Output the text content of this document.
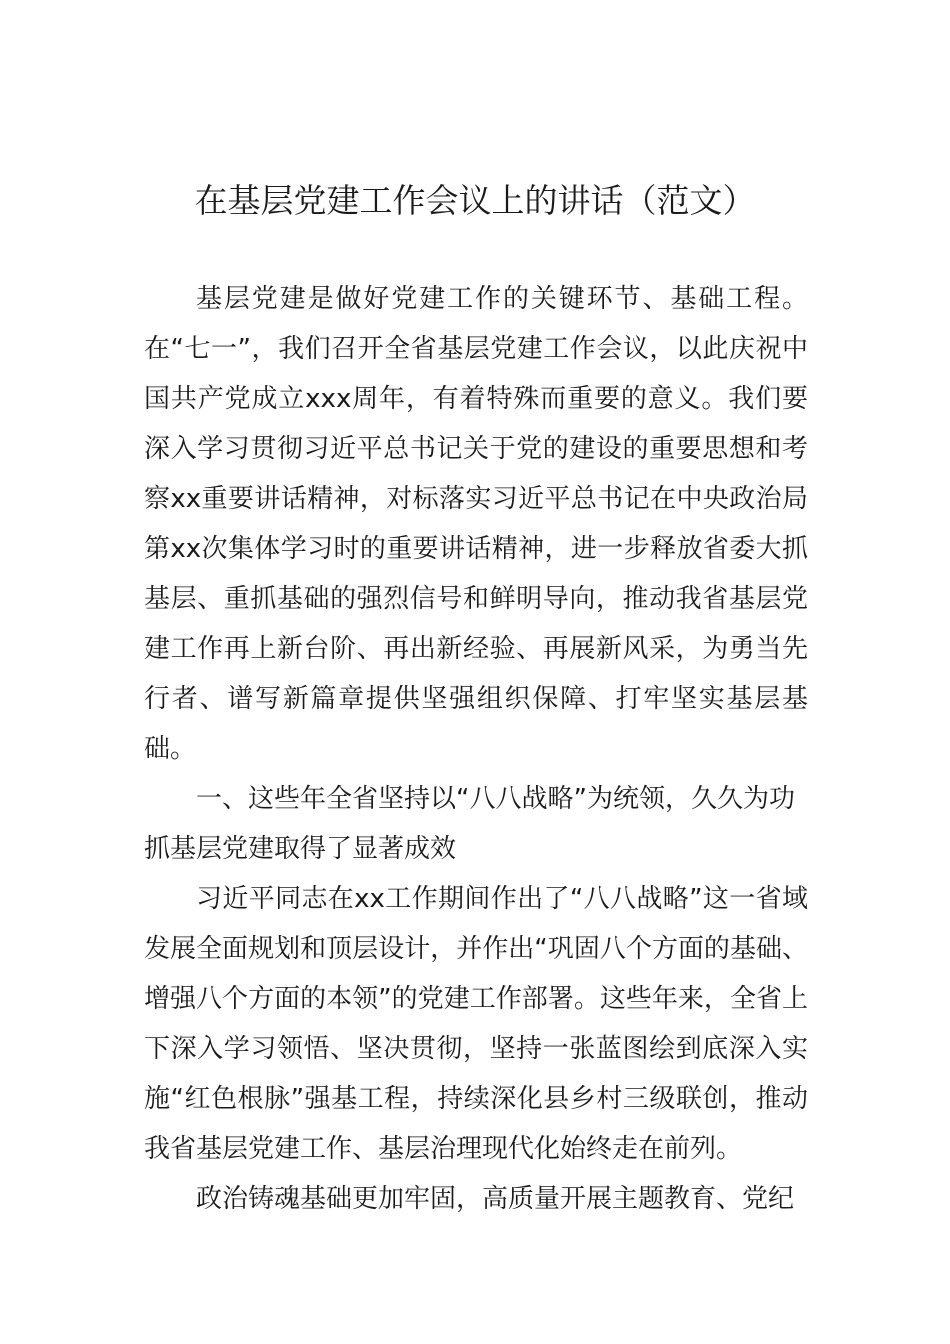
在基层党建工作会议上的讲话（范文）

基层党建是做好党建工作的关键环节、基础工程。在“七一”，我们召开全省基层党建工作会议，以此庆祝中国共产党成立xxx周年，有着特殊而重要的意义。我们要深入学习贯彻习近平总书记关于党的建设的重要思想和考察xx重要讲话精神，对标落实习近平总书记在中央政治局第xx次集体学习时的重要讲话精神，进一步释放省委大抓基层、重抓基础的强烈信号和鲜明导向，推动我省基层党建工作再上新台阶、再出新经验、再展新风采，为勇当先行者、谱写新篇章提供坚强组织保障、打牢坚实基层基础。

一、这些年全省坚持以“八八战略”为统领，久久为功抓基层党建取得了显著成效

习近平同志在xx工作期间作出了“八八战略”这一省域发展全面规划和顶层设计，并作出“巩固八个方面的基础、增强八个方面的本领”的党建工作部署。这些年来，全省上下深入学习领悟、坚决贯彻，坚持一张蓝图绘到底深入实施“红色根脉”强基工程，持续深化县乡村三级联创，推动我省基层党建工作、基层治理现代化始终走在前列。

政治铸魂基础更加牢固，高质量开展主题教育、党纪
